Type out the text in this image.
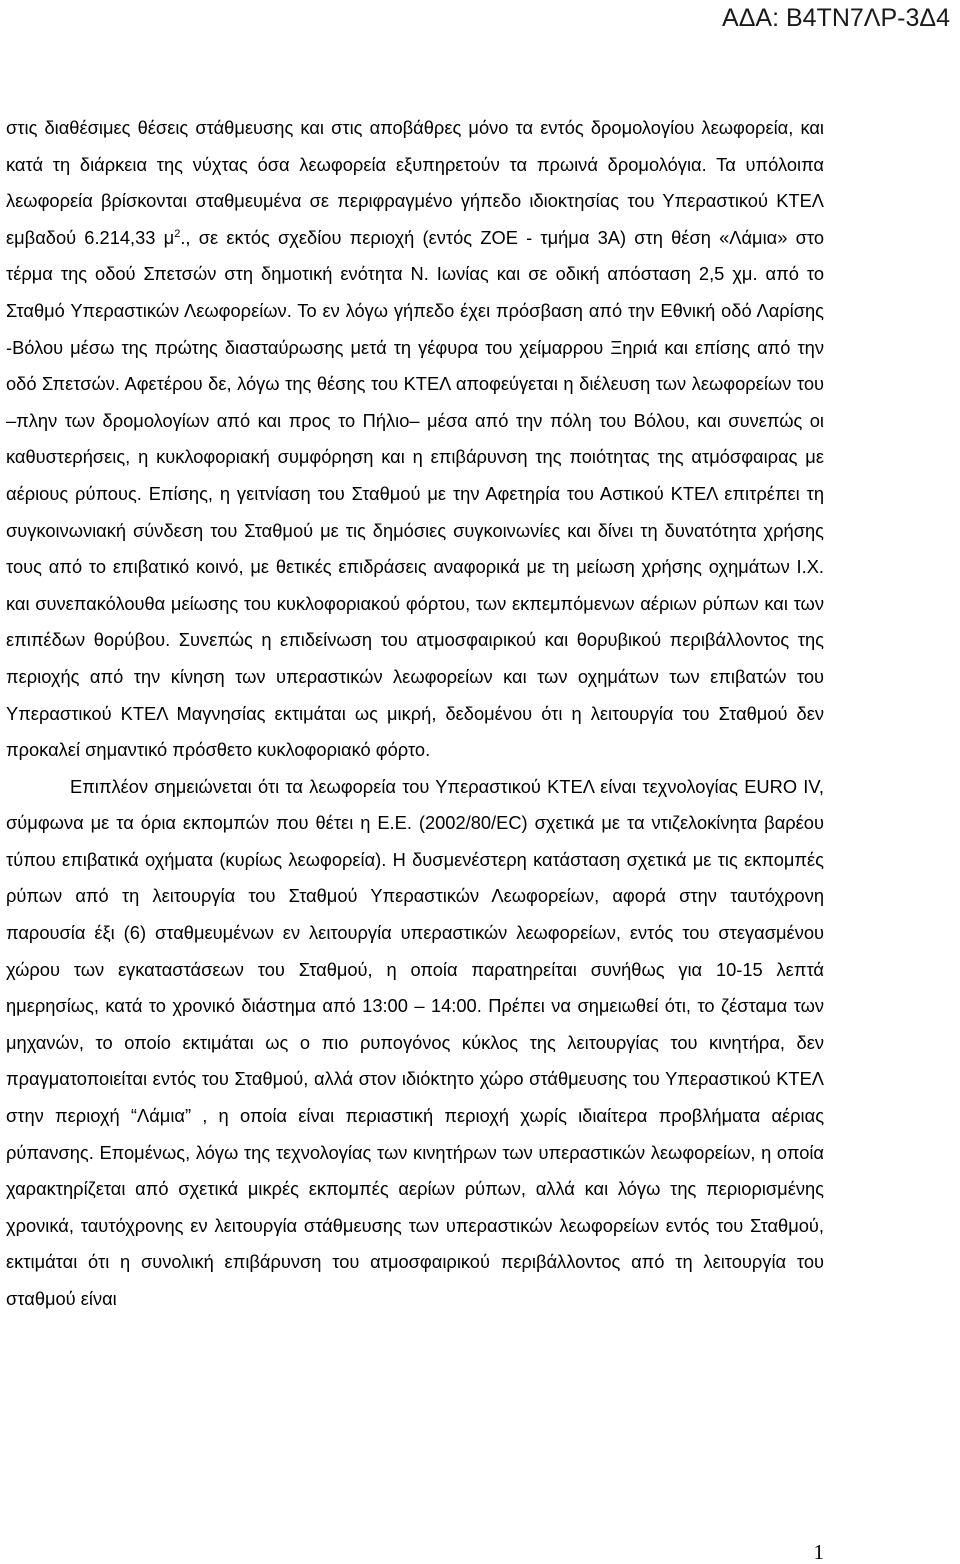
ΑΔΑ: Β4ΤΝ7ΛΡ-3Δ4

στις διαθέσιμες θέσεις στάθμευσης και στις αποβάθρες μόνο τα εντός δρομολογίου λεωφορεία, και κατά τη διάρκεια της νύχτας όσα λεωφορεία εξυπηρετούν τα πρωινά δρομολόγια. Τα υπόλοιπα λεωφορεία βρίσκονται σταθμευμένα σε περιφραγμένο γήπεδο ιδιοκτησίας του Υπεραστικού ΚΤΕΛ εμβαδού 6.214,33 $\mu^2$., σε εκτός σχεδίου περιοχή (εντός ΖΟΕ - τμήμα 3Α) στη θέση «Λάμια» στο τέρμα της οδού Σπετσών στη δημοτική ενότητα Ν. Ιωνίας και σε οδική απόσταση 2,5 χμ. από το Σταθμό Υπεραστικών Λεωφορείων. Το εν λόγω γήπεδο έχει πρόσβαση από την Εθνική οδό Λαρίσης -Βόλου μέσω της πρώτης διασταύρωσης μετά τη γέφυρα του χείμαρρου Ξηριά και επίσης από την οδό Σπετσών. Αφετέρου δε, λόγω της θέσης του ΚΤΕΛ αποφεύγεται η διέλευση των λεωφορείων του –πλην των δρομολογίων από και προς το Πήλιο– μέσα από την πόλη του Βόλου, και συνεπώς οι καθυστερήσεις, η κυκλοφοριακή συμφόρηση και η επιβάρυνση της ποιότητας της ατμόσφαιρας με αέριους ρύπους. Επίσης, η γειτνίαση του Σταθμού με την Αφετηρία του Αστικού ΚΤΕΛ επιτρέπει τη συγκοινωνιακή σύνδεση του Σταθμού με τις δημόσιες συγκοινωνίες και δίνει τη δυνατότητα χρήσης τους από το επιβατικό κοινό, με θετικές επιδράσεις αναφορικά με τη μείωση χρήσης οχημάτων Ι.Χ. και συνεπακόλουθα μείωσης του κυκλοφοριακού φόρτου, των εκπεμπόμενων αέριων ρύπων και των επιπέδων θορύβου. Συνεπώς η επιδείνωση του ατμοσφαιρικού και θορυβικού περιβάλλοντος της περιοχής από την κίνηση των υπεραστικών λεωφορείων και των οχημάτων των επιβατών του Υπεραστικού ΚΤΕΛ Μαγνησίας εκτιμάται ως μικρή, δεδομένου ότι η λειτουργία του Σταθμού δεν προκαλεί σημαντικό πρόσθετο κυκλοφοριακό φόρτο.

Επιπλέον σημειώνεται ότι τα λεωφορεία του Υπεραστικού ΚΤΕΛ είναι τεχνολογίας EURO IV, σύμφωνα με τα όρια εκπομπών που θέτει η Ε.Ε. (2002/80/ΕC) σχετικά με τα ντιζελοκίνητα βαρέου τύπου επιβατικά οχήματα (κυρίως λεωφορεία). Η δυσμενέστερη κατάσταση σχετικά με τις εκπομπές ρύπων από τη λειτουργία του Σταθμού Υπεραστικών Λεωφορείων, αφορά στην ταυτόχρονη παρουσία έξι (6) σταθμευμένων εν λειτουργία υπεραστικών λεωφορείων, εντός του στεγασμένου χώρου των εγκαταστάσεων του Σταθμού, η οποία παρατηρείται συνήθως για 10-15 λεπτά ημερησίως, κατά το χρονικό διάστημα από 13:00 – 14:00. Πρέπει να σημειωθεί ότι, το ζέσταμα των μηχανών, το οποίο εκτιμάται ως ο πιο ρυπογόνος κύκλος της λειτουργίας του κινητήρα, δεν πραγματοποιείται εντός του Σταθμού, αλλά στον ιδιόκτητο χώρο στάθμευσης του Υπεραστικού ΚΤΕΛ στην περιοχή “Λάμια” , η οποία είναι περιαστική περιοχή χωρίς ιδιαίτερα προβλήματα αέριας ρύπανσης. Επομένως, λόγω της τεχνολογίας των κινητήρων των υπεραστικών λεωφορείων, η οποία χαρακτηρίζεται από σχετικά μικρές εκπομπές αερίων ρύπων, αλλά και λόγω της περιορισμένης χρονικά, ταυτόχρονης εν λειτουργία στάθμευσης των υπεραστικών λεωφορείων εντός του Σταθμού, εκτιμάται ότι η συνολική επιβάρυνση του ατμοσφαιρικού περιβάλλοντος από τη λειτουργία του σταθμού είναι

1
